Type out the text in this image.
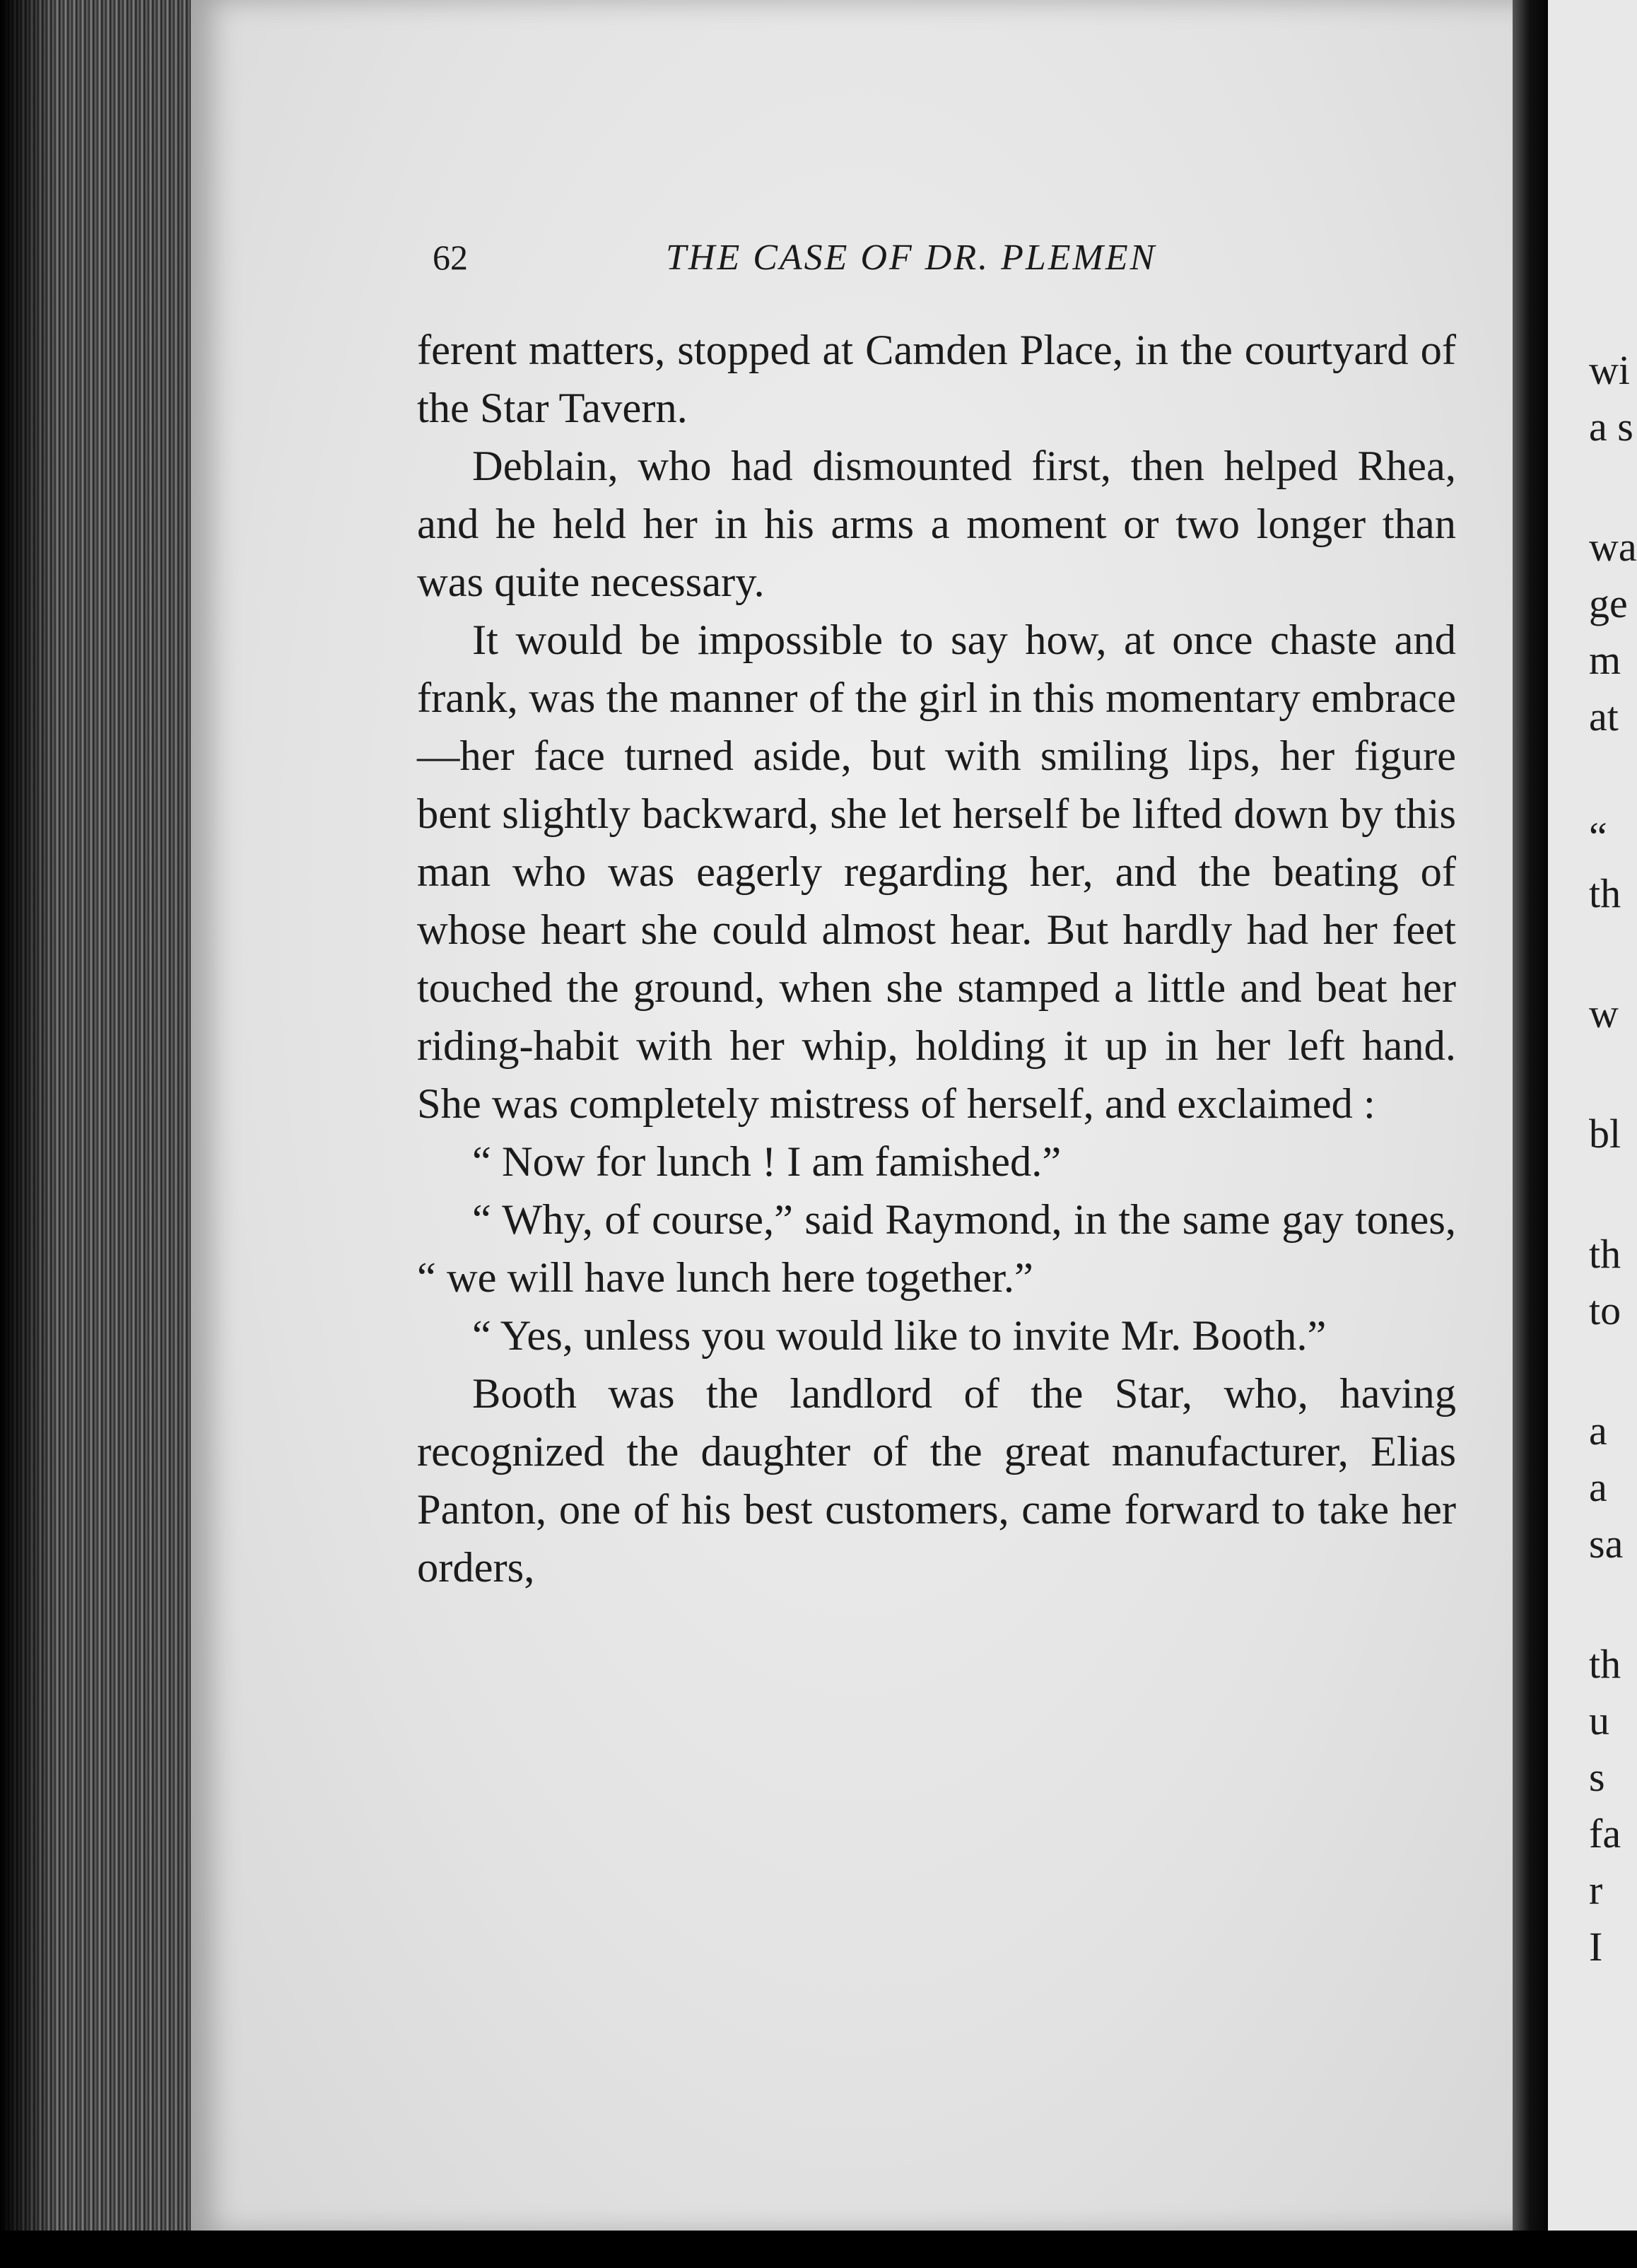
62	THE CASE OF DR. PLEMEN

ferent matters, stopped at Camden Place, in the courtyard of the Star Tavern.

Deblain, who had dismounted first, then helped Rhea, and he held her in his arms a moment or two longer than was quite necessary.

It would be impossible to say how, at once chaste and frank, was the manner of the girl in this momentary embrace—her face turned aside, but with smiling lips, her figure bent slightly backward, she let herself be lifted down by this man who was eagerly regarding her, and the beating of whose heart she could almost hear. But hardly had her feet touched the ground, when she stamped a little and beat her riding-habit with her whip, holding it up in her left hand. She was completely mistress of herself, and exclaimed :

“ Now for lunch ! I am famished.”

“ Why, of course,” said Raymond, in the same gay tones, “ we will have lunch here together.”

“ Yes, unless you would like to invite Mr. Booth.”

Booth was the landlord of the Star, who, having recognized the daughter of the great manufacturer, Elias Panton, one of his best customers, came forward to take her orders,

wi
a s
wa
ge
m
at
“
th
w
bl
th
to
a
a
sa
th
u
s
fa
r
I
